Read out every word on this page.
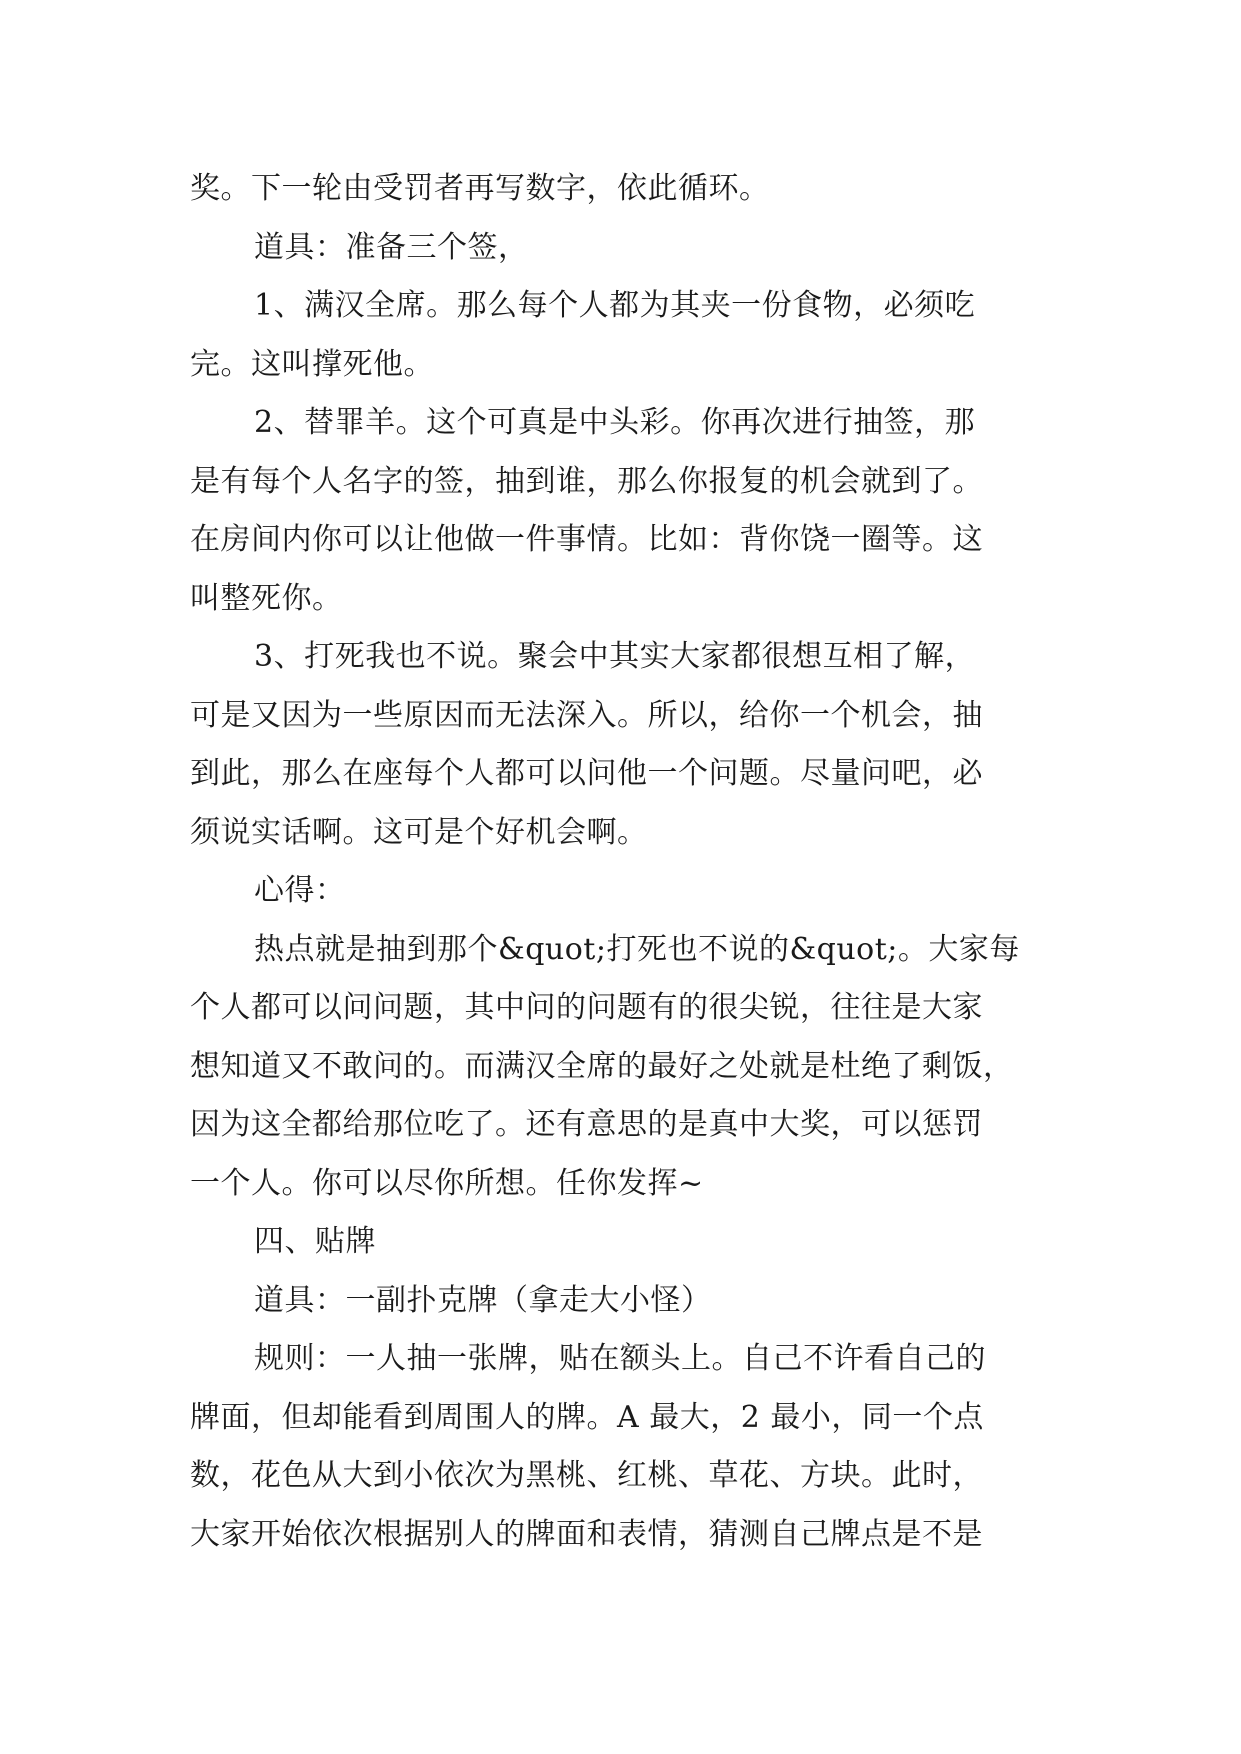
奖。下一轮由受罚者再写数字，依此循环。
道具：准备三个签，
1、满汉全席。那么每个人都为其夹一份食物，必须吃
完。这叫撑死他。
2、替罪羊。这个可真是中头彩。你再次进行抽签，那
是有每个人名字的签，抽到谁，那么你报复的机会就到了。
在房间内你可以让他做一件事情。比如：背你饶一圈等。这
叫整死你。
3、打死我也不说。聚会中其实大家都很想互相了解，
可是又因为一些原因而无法深入。所以，给你一个机会，抽
到此，那么在座每个人都可以问他一个问题。尽量问吧，必
须说实话啊。这可是个好机会啊。
心得：
热点就是抽到那个&quot;打死也不说的&quot;。大家每
个人都可以问问题，其中问的问题有的很尖锐，往往是大家
想知道又不敢问的。而满汉全席的最好之处就是杜绝了剩饭，
因为这全都给那位吃了。还有意思的是真中大奖，可以惩罚
一个人。你可以尽你所想。任你发挥~
四、贴牌
道具：一副扑克牌（拿走大小怪）
规则：一人抽一张牌，贴在额头上。自己不许看自己的
牌面，但却能看到周围人的牌。A 最大，2 最小，同一个点
数，花色从大到小依次为黑桃、红桃、草花、方块。此时，
大家开始依次根据别人的牌面和表情，猜测自己牌点是不是
